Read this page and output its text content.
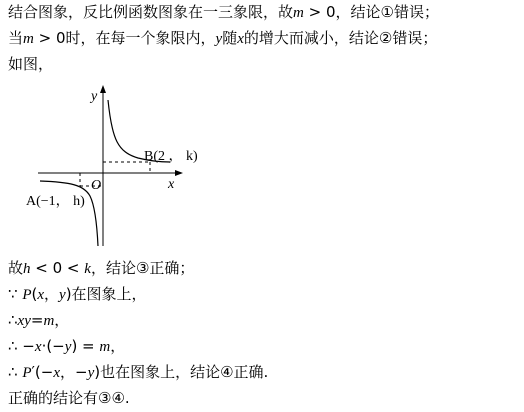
结合图象，反比例函数图象在一三象限，故m > 0，结论①错误；
当m > 0时，在每一个象限内，y随x的增大而减小，结论②错误；
如图，
y
x
O
B(2 ， k)
A(−1， h)
故h < 0 < k，结论③正确；
∵ P(x，y)在图象上，
∴xy=m，
∴ −x·(−y) = m，
∴ P′(−x，−y)也在图象上，结论④正确.
正确的结论有③④.
